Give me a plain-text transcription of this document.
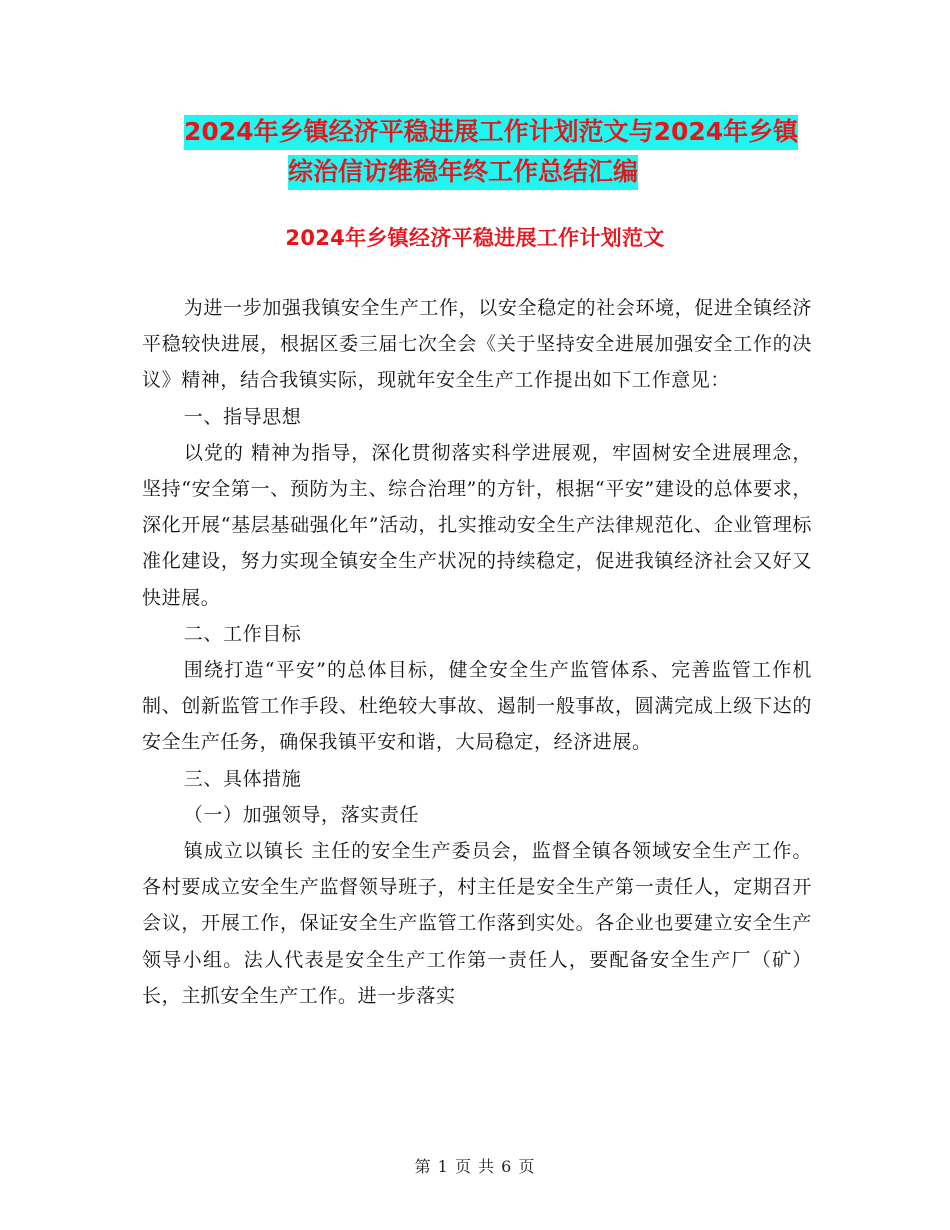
2024年乡镇经济平稳进展工作计划范文与2024年乡镇
综治信访维稳年终工作总结汇编
2024年乡镇经济平稳进展工作计划范文

为进一步加强我镇安全生产工作，以安全稳定的社会环境，促进全镇经济平稳较快进展，根据区委三届七次全会《关于坚持安全进展加强安全工作的决议》精神，结合我镇实际，现就年安全生产工作提出如下工作意见：

一、指导思想

以党的 精神为指导，深化贯彻落实科学进展观，牢固树安全进展理念，坚持“安全第一、预防为主、综合治理”的方针，根据“平安”建设的总体要求，深化开展“基层基础强化年”活动，扎实推动安全生产法律规范化、企业管理标准化建设，努力实现全镇安全生产状况的持续稳定，促进我镇经济社会又好又快进展。

二、工作目标

围绕打造“平安”的总体目标，健全安全生产监管体系、完善监管工作机制、创新监管工作手段、杜绝较大事故、遏制一般事故，圆满完成上级下达的安全生产任务，确保我镇平安和谐，大局稳定，经济进展。

三、具体措施

（一）加强领导，落实责任

镇成立以镇长 主任的安全生产委员会，监督全镇各领域安全生产工作。各村要成立安全生产监督领导班子，村主任是安全生产第一责任人，定期召开会议，开展工作，保证安全生产监管工作落到实处。各企业也要建立安全生产领导小组。法人代表是安全生产工作第一责任人，要配备安全生产厂（矿）长，主抓安全生产工作。进一步落实

第 1 页 共 6 页
